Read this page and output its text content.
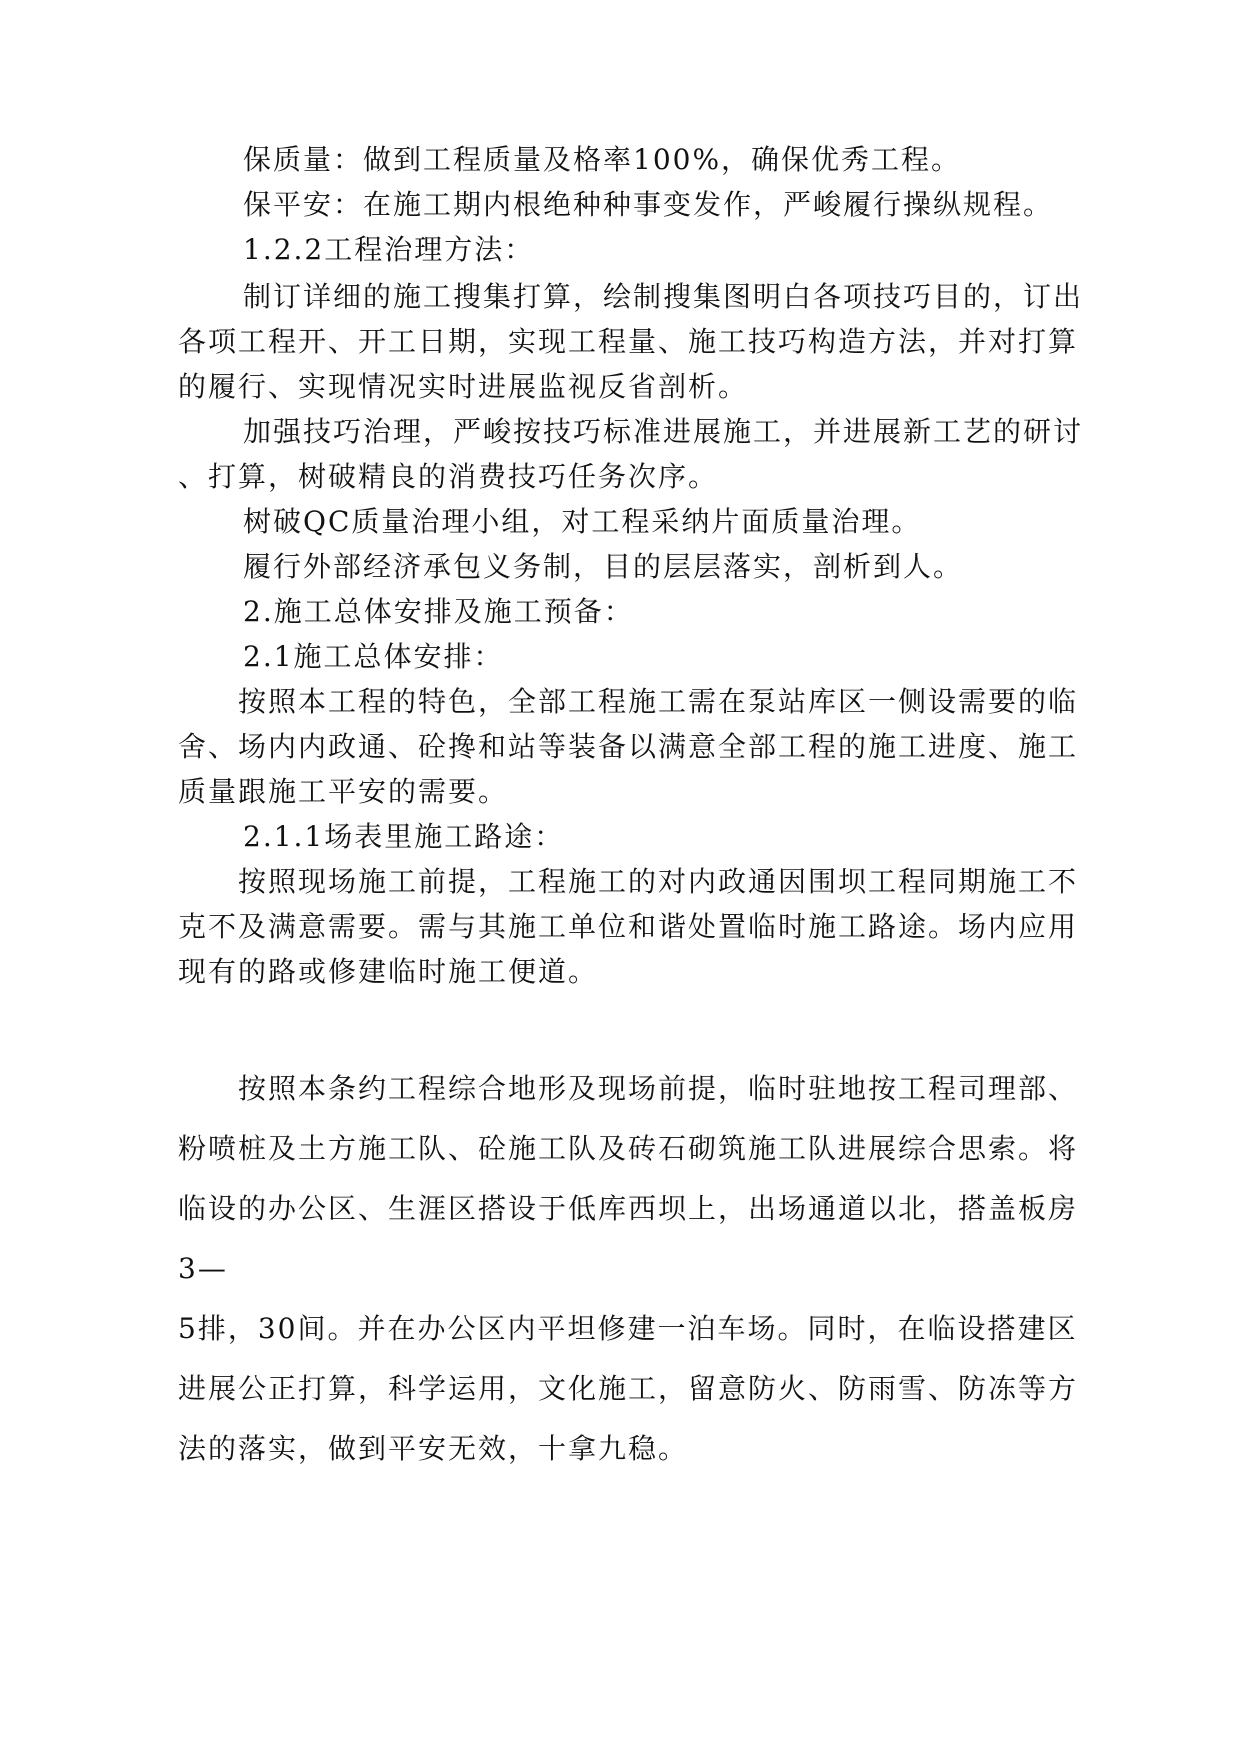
保质量：做到工程质量及格率100%，确保优秀工程。
保平安：在施工期内根绝种种事变发作，严峻履行操纵规程。
1.2.2工程治理方法：
制订详细的施工搜集打算，绘制搜集图明白各项技巧目的，订出
各项工程开、开工日期，实现工程量、施工技巧构造方法，并对打算
的履行、实现情况实时进展监视反省剖析。
加强技巧治理，严峻按技巧标准进展施工，并进展新工艺的研讨
、打算，树破精良的消费技巧任务次序。
树破QC质量治理小组，对工程采纳片面质量治理。
履行外部经济承包义务制，目的层层落实，剖析到人。
2.施工总体安排及施工预备：
2.1施工总体安排：
按照本工程的特色，全部工程施工需在泵站库区一侧设需要的临
舍、场内内政通、砼搀和站等装备以满意全部工程的施工进度、施工
质量跟施工平安的需要。
2.1.1场表里施工路途：
按照现场施工前提，工程施工的对内政通因围坝工程同期施工不
克不及满意需要。需与其施工单位和谐处置临时施工路途。场内应用
现有的路或修建临时施工便道。
按照本条约工程综合地形及现场前提，临时驻地按工程司理部、
粉喷桩及土方施工队、砼施工队及砖石砌筑施工队进展综合思索。将
临设的办公区、生涯区搭设于低库西坝上，出场通道以北，搭盖板房
3—
5排，30间。并在办公区内平坦修建一泊车场。同时，在临设搭建区
进展公正打算，科学运用，文化施工，留意防火、防雨雪、防冻等方
法的落实，做到平安无效，十拿九稳。
